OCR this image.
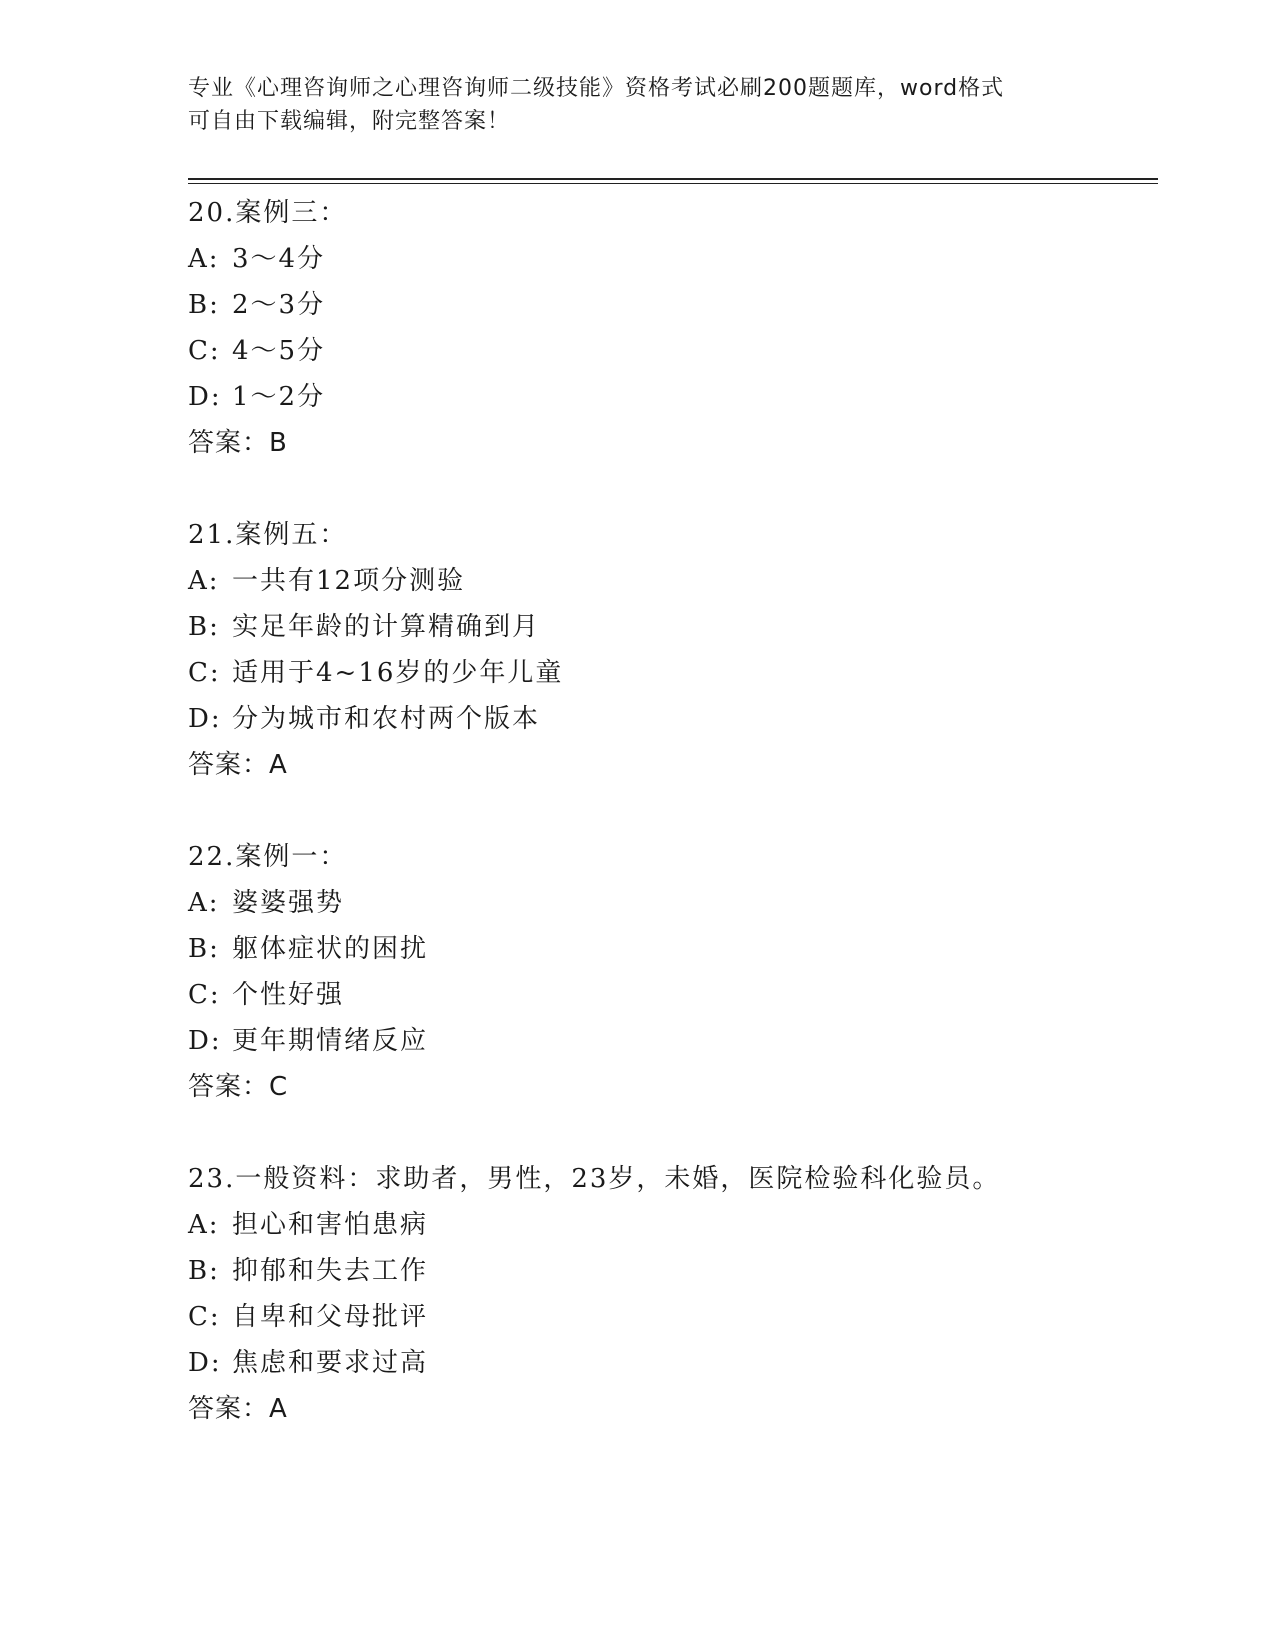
专业《心理咨询师之心理咨询师二级技能》资格考试必刷200题题库，word格式
可自由下载编辑，附完整答案！
20.案例三：
A: 3～4分
B: 2～3分
C: 4～5分
D: 1～2分
答案：B
21.案例五：
A: 一共有12项分测验
B: 实足年龄的计算精确到月
C: 适用于4~16岁的少年儿童
D: 分为城市和农村两个版本
答案：A
22.案例一：
A: 婆婆强势
B: 躯体症状的困扰
C: 个性好强
D: 更年期情绪反应
答案：C
23.一般资料：求助者，男性，23岁，未婚，医院检验科化验员。
A: 担心和害怕患病
B: 抑郁和失去工作
C: 自卑和父母批评
D: 焦虑和要求过高
答案：A
